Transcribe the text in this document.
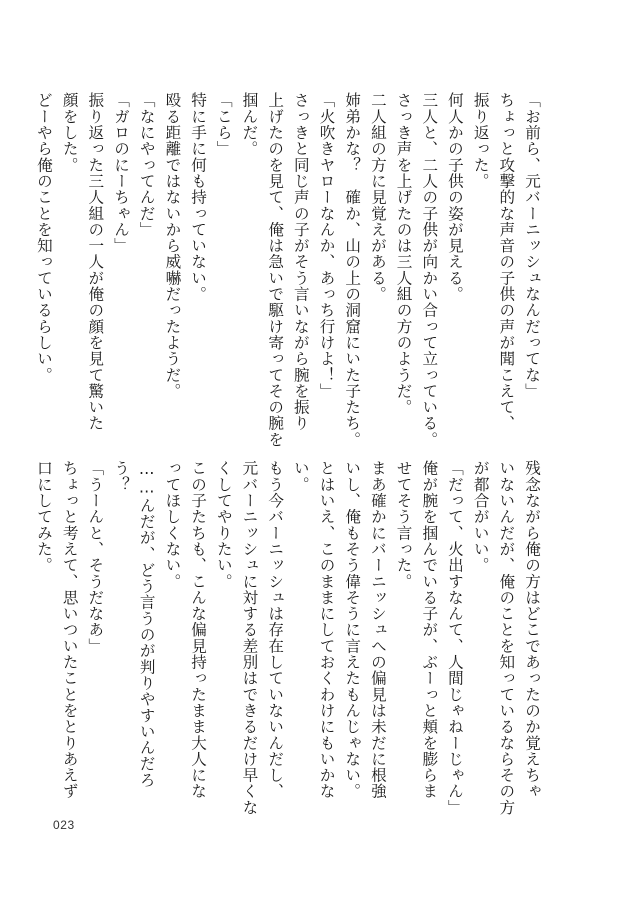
「お前ら、元バーニッシュなんだってな」
ちょっと攻撃的な声音の子供の声が聞こえて、
振り返った。
何人かの子供の姿が見える。
三人と、二人の子供が向かい合って立っている。
さっき声を上げたのは三人組の方のようだ。
二人組の方に見覚えがある。
姉弟かな？　確か、山の上の洞窟にいた子たち。
「火吹きヤローなんか、あっち行けよ！」
さっきと同じ声の子がそう言いながら腕を振り
上げたのを見て、俺は急いで駆け寄ってその腕を
掴んだ。
「こら」
特に手に何も持っていない。
殴る距離ではないから威嚇だったようだ。
「なにやってんだ」
「ガロのにーちゃん」
振り返った三人組の一人が俺の顔を見て驚いた
顔をした。
どーやら俺のことを知っているらしい。
残念ながら俺の方はどこであったのか覚えちゃ
いないんだが、俺のことを知っているならその方
が都合がいい。
「だって、火出すなんて、人間じゃねーじゃん」
俺が腕を掴んでいる子が、ぶーっと頬を膨らま
せてそう言った。
まあ確かにバーニッシュへの偏見は未だに根強
いし、俺もそう偉そうに言えたもんじゃない。
とはいえ、このままにしておくわけにもいかな
い。
もう今バーニッシュは存在していないんだし、
元バーニッシュに対する差別はできるだけ早くな
くしてやりたい。
この子たちも、こんな偏見持ったまま大人にな
ってほしくない。
……んだが、どう言うのが判りやすいんだろ
う？
「うーんと、そうだなあ」
ちょっと考えて、思いついたことをとりあえず
口にしてみた。
023
